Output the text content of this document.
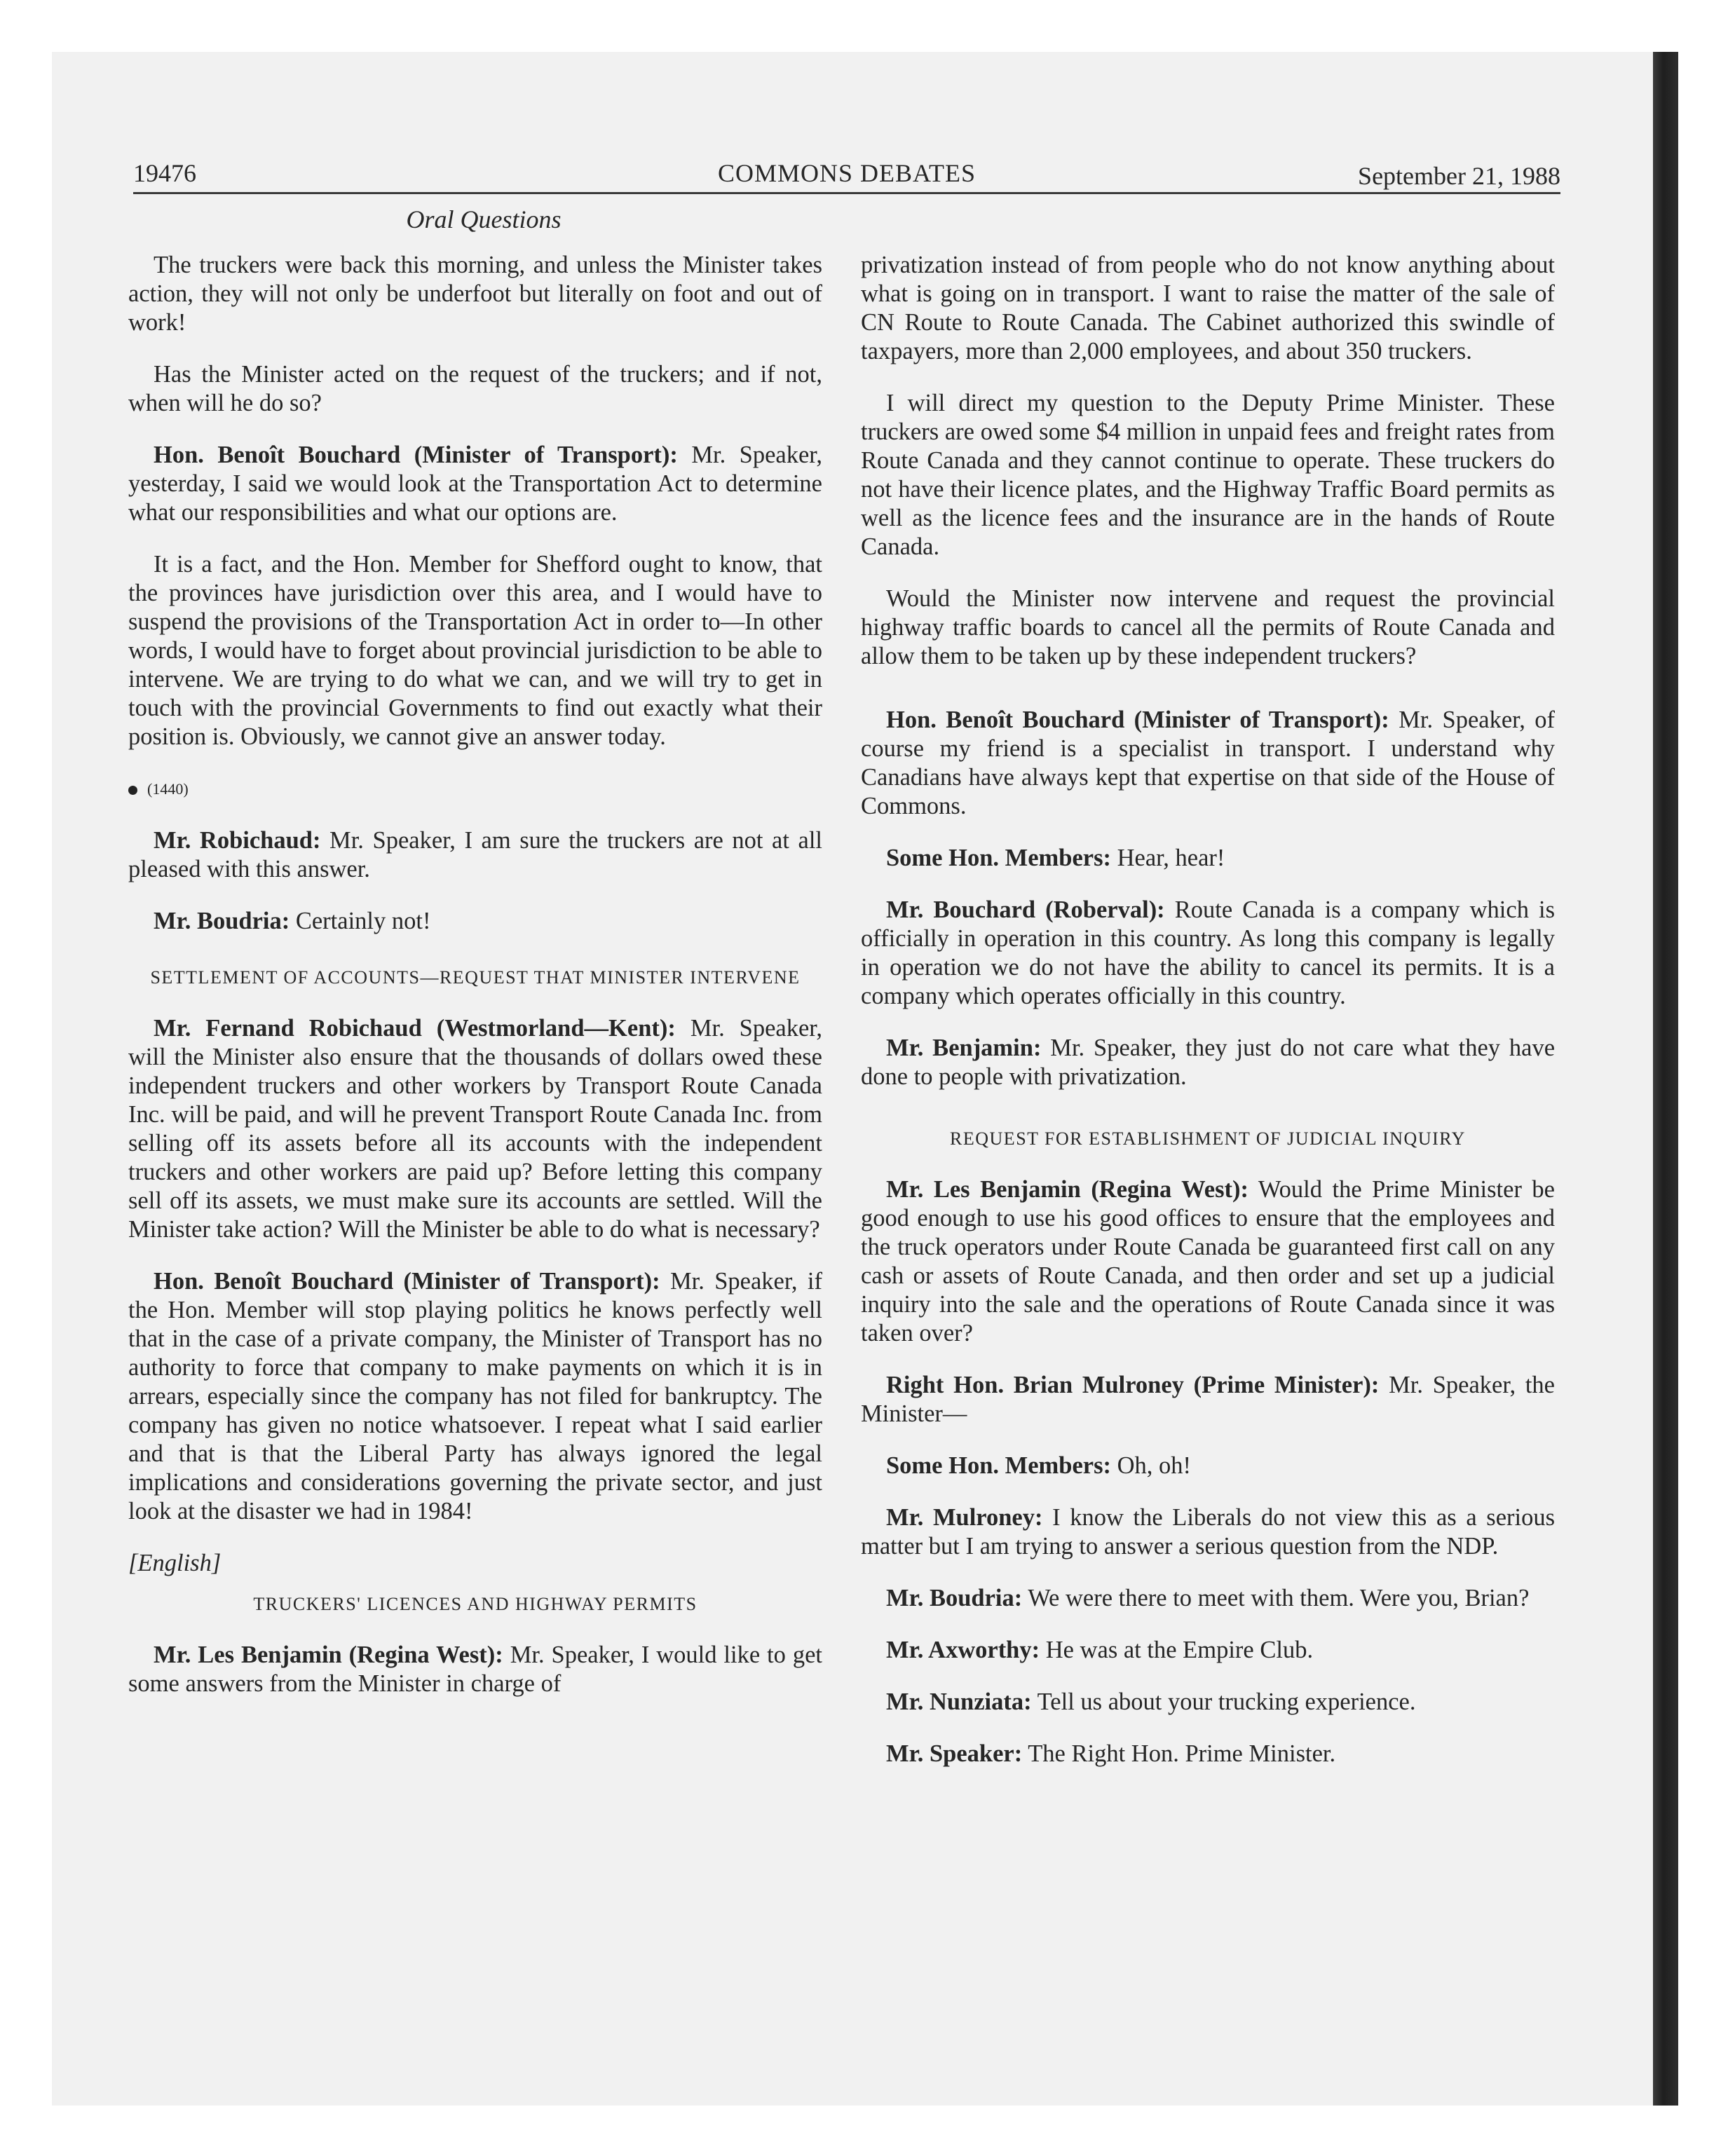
19476	COMMONS DEBATES	September 21, 1988
Oral Questions

The truckers were back this morning, and unless the Minister takes action, they will not only be underfoot but literally on foot and out of work!

Has the Minister acted on the request of the truckers; and if not, when will he do so?

Hon. Benoît Bouchard (Minister of Transport): Mr. Speaker, yesterday, I said we would look at the Transportation Act to determine what our responsibilities and what our options are.

It is a fact, and the Hon. Member for Shefford ought to know, that the provinces have jurisdiction over this area, and I would have to suspend the provisions of the Transportation Act in order to—In other words, I would have to forget about provincial jurisdiction to be able to intervene. We are trying to do what we can, and we will try to get in touch with the provincial Governments to find out exactly what their position is. Obviously, we cannot give an answer today.

(1440)

Mr. Robichaud: Mr. Speaker, I am sure the truckers are not at all pleased with this answer.

Mr. Boudria: Certainly not!

SETTLEMENT OF ACCOUNTS—REQUEST THAT MINISTER INTERVENE

Mr. Fernand Robichaud (Westmorland—Kent): Mr. Speaker, will the Minister also ensure that the thousands of dollars owed these independent truckers and other workers by Transport Route Canada Inc. will be paid, and will he prevent Transport Route Canada Inc. from selling off its assets before all its accounts with the independent truckers and other workers are paid up? Before letting this company sell off its assets, we must make sure its accounts are settled. Will the Minister take action? Will the Minister be able to do what is necessary?

Hon. Benoît Bouchard (Minister of Transport): Mr. Speaker, if the Hon. Member will stop playing politics he knows perfectly well that in the case of a private company, the Minister of Transport has no authority to force that company to make payments on which it is in arrears, especially since the company has not filed for bankruptcy. The company has given no notice whatsoever. I repeat what I said earlier and that is that the Liberal Party has always ignored the legal implications and considerations governing the private sector, and just look at the disaster we had in 1984!

[English]

TRUCKERS' LICENCES AND HIGHWAY PERMITS

Mr. Les Benjamin (Regina West): Mr. Speaker, I would like to get some answers from the Minister in charge of

privatization instead of from people who do not know anything about what is going on in transport. I want to raise the matter of the sale of CN Route to Route Canada. The Cabinet authorized this swindle of taxpayers, more than 2,000 employees, and about 350 truckers.

I will direct my question to the Deputy Prime Minister. These truckers are owed some $4 million in unpaid fees and freight rates from Route Canada and they cannot continue to operate. These truckers do not have their licence plates, and the Highway Traffic Board permits as well as the licence fees and the insurance are in the hands of Route Canada.

Would the Minister now intervene and request the provincial highway traffic boards to cancel all the permits of Route Canada and allow them to be taken up by these independent truckers?

Hon. Benoît Bouchard (Minister of Transport): Mr. Speaker, of course my friend is a specialist in transport. I understand why Canadians have always kept that expertise on that side of the House of Commons.

Some Hon. Members: Hear, hear!

Mr. Bouchard (Roberval): Route Canada is a company which is officially in operation in this country. As long this company is legally in operation we do not have the ability to cancel its permits. It is a company which operates officially in this country.

Mr. Benjamin: Mr. Speaker, they just do not care what they have done to people with privatization.

REQUEST FOR ESTABLISHMENT OF JUDICIAL INQUIRY

Mr. Les Benjamin (Regina West): Would the Prime Minister be good enough to use his good offices to ensure that the employees and the truck operators under Route Canada be guaranteed first call on any cash or assets of Route Canada, and then order and set up a judicial inquiry into the sale and the operations of Route Canada since it was taken over?

Right Hon. Brian Mulroney (Prime Minister): Mr. Speaker, the Minister—

Some Hon. Members: Oh, oh!

Mr. Mulroney: I know the Liberals do not view this as a serious matter but I am trying to answer a serious question from the NDP.

Mr. Boudria: We were there to meet with them. Were you, Brian?

Mr. Axworthy: He was at the Empire Club.

Mr. Nunziata: Tell us about your trucking experience.

Mr. Speaker: The Right Hon. Prime Minister.
